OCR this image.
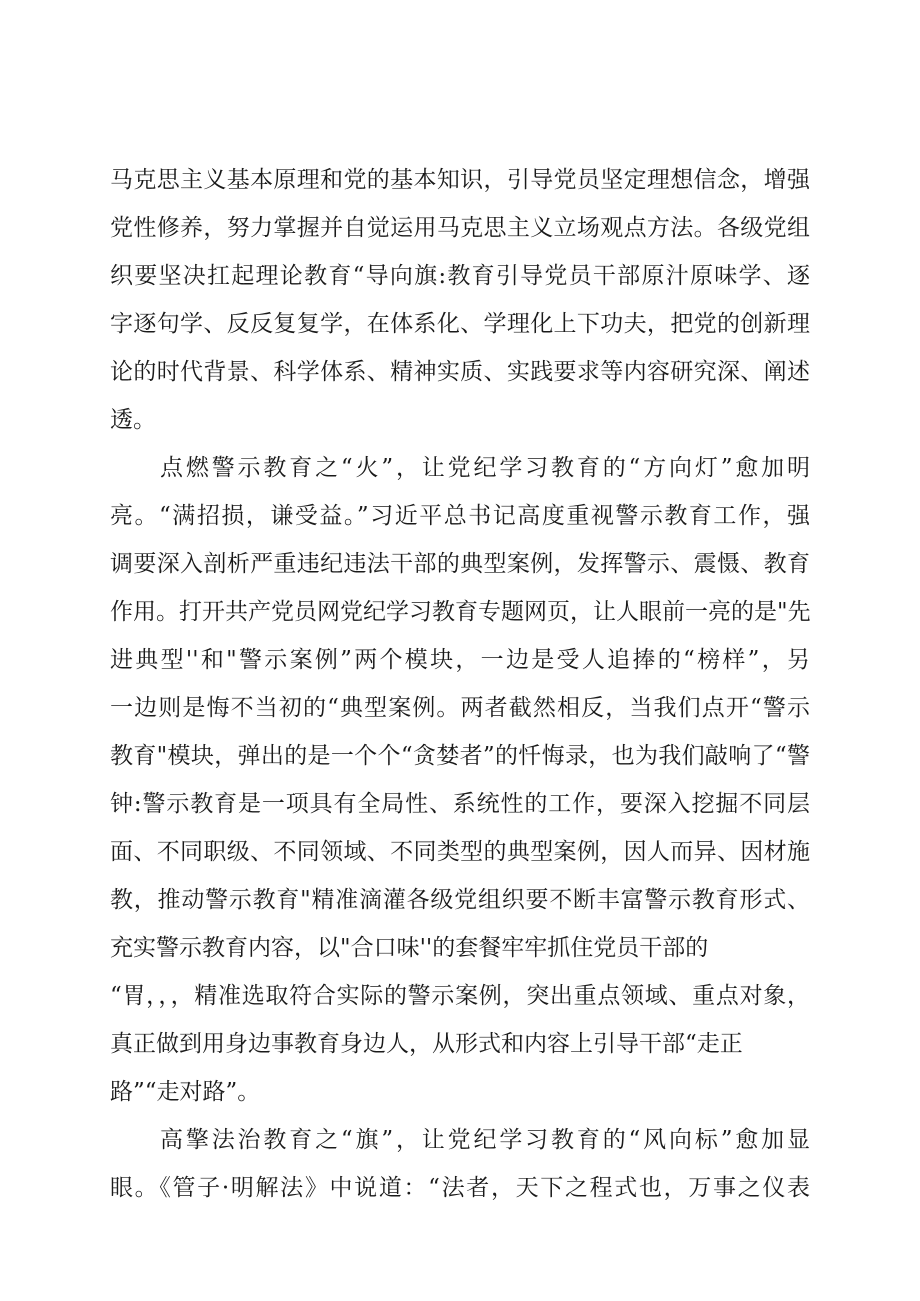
马克思主义基本原理和党的基本知识，引导党员坚定理想信念，增强
党性修养，努力掌握并自觉运用马克思主义立场观点方法。各级党组
织要坚决扛起理论教育“导向旗:教育引导党员干部原汁原味学、逐
字逐句学、反反复复学，在体系化、学理化上下功夫，把党的创新理
论的时代背景、科学体系、精神实质、实践要求等内容研究深、阐述
透。
点燃警示教育之“火”，让党纪学习教育的“方向灯”愈加明
亮。“满招损，谦受益。”习近平总书记高度重视警示教育工作，强
调要深入剖析严重违纪违法干部的典型案例，发挥警示、震慑、教育
作用。打开共产党员网党纪学习教育专题网页，让人眼前一亮的是"先
进典型''和"警示案例”两个模块，一边是受人追捧的“榜样”，另
一边则是悔不当初的“典型案例。两者截然相反，当我们点开“警示
教育"模块，弹出的是一个个“贪婪者”的忏悔录，也为我们敲响了“警
钟:警示教育是一项具有全局性、系统性的工作，要深入挖掘不同层
面、不同职级、不同领域、不同类型的典型案例，因人而异、因材施
教，推动警示教育"精准滴灌各级党组织要不断丰富警示教育形式、
充实警示教育内容，以"合口味''的套餐牢牢抓住党员干部的
“胃，，，精准选取符合实际的警示案例，突出重点领域、重点对象，
真正做到用身边事教育身边人，从形式和内容上引导干部“走正
路”“走对路”。
高擎法治教育之“旗”，让党纪学习教育的“风向标”愈加显
眼。《管子·明解法》中说道：“法者，天下之程式也，万事之仪表
